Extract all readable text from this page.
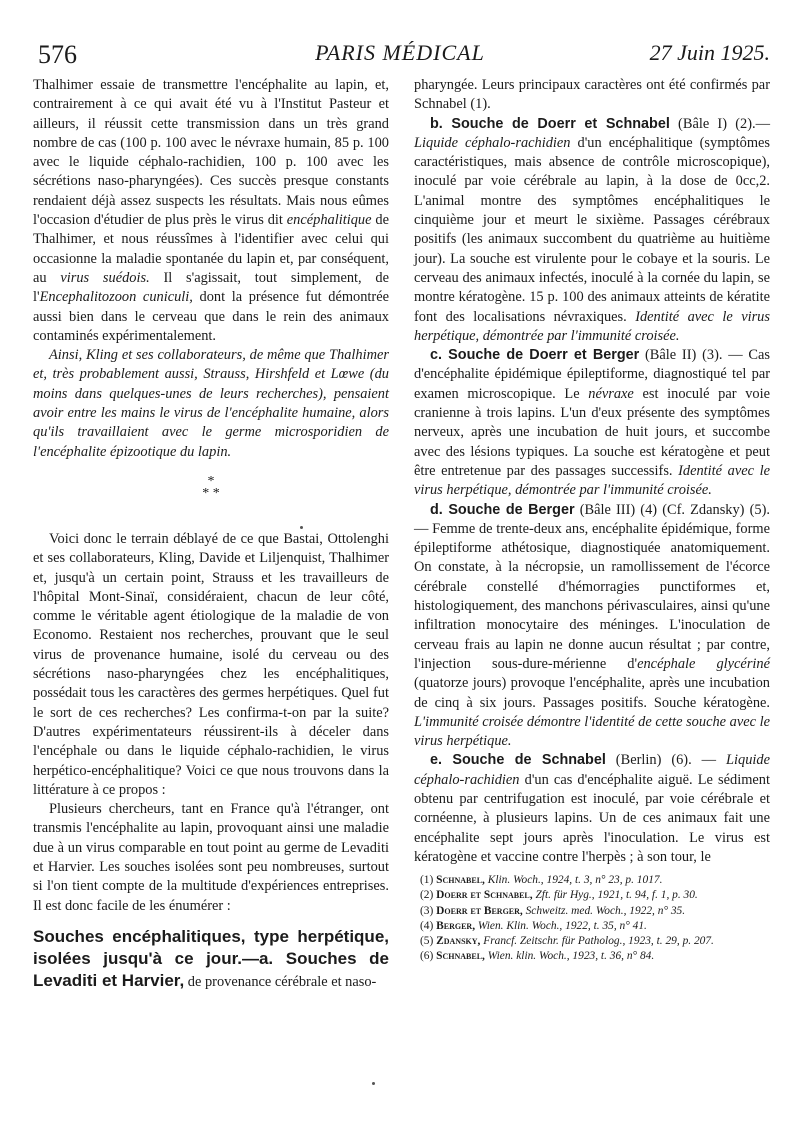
576	PARIS MÉDICAL	27 Juin 1925.

Thalhimer essaie de transmettre l'encéphalite au lapin, et, contrairement à ce qui avait été vu à l'Institut Pasteur et ailleurs, il réussit cette transmission dans un très grand nombre de cas (100 p. 100 avec le névraxe humain, 85 p. 100 avec le liquide céphalo-rachidien, 100 p. 100 avec les sécrétions naso-pharyngées). Ces succès presque constants rendaient déjà assez suspects les résultats. Mais nous eûmes l'occasion d'étudier de plus près le virus dit encéphalitique de Thalhimer, et nous réussîmes à l'identifier avec celui qui occasionne la maladie spontanée du lapin et, par conséquent, au virus suédois. Il s'agissait, tout simplement, de l'Encephalitozoon cuniculi, dont la présence fut démontrée aussi bien dans le cerveau que dans le rein des animaux contaminés expérimentalement.

Ainsi, Kling et ses collaborateurs, de même que Thalhimer et, très probablement aussi, Strauss, Hirshfeld et Lœwe (du moins dans quelques-unes de leurs recherches), pensaient avoir entre les mains le virus de l'encéphalite humaine, alors qu'ils travaillaient avec le germe microsporidien de l'encéphalite épizootique du lapin.

*
* *

Voici donc le terrain déblayé de ce que Bastai, Ottolenghi et ses collaborateurs, Kling, Davide et Liljenquist, Thalhimer et, jusqu'à un certain point, Strauss et les travailleurs de l'hôpital Mont-Sinaï, considéraient, chacun de leur côté, comme le véritable agent étiologique de la maladie de von Economo. Restaient nos recherches, prouvant que le seul virus de provenance humaine, isolé du cerveau ou des sécrétions naso-pharyngées chez les encéphalitiques, possédait tous les caractères des germes herpétiques. Quel fut le sort de ces recherches? Les confirma-t-on par la suite? D'autres expérimentateurs réussirent-ils à déceler dans l'encéphale ou dans le liquide céphalo-rachidien, le virus herpético-encéphalitique? Voici ce que nous trouvons dans la littérature à ce propos :

Plusieurs chercheurs, tant en France qu'à l'étranger, ont transmis l'encéphalite au lapin, provoquant ainsi une maladie due à un virus comparable en tout point au germe de Levaditi et Harvier. Les souches isolées sont peu nombreuses, surtout si l'on tient compte de la multitude d'expériences entreprises. Il est donc facile de les énumérer :

Souches encéphalitiques, type herpétique, isolées jusqu'à ce jour.—a. Souches de Levaditi et Harvier, de provenance cérébrale et naso-

pharyngée. Leurs principaux caractères ont été confirmés par Schnabel (1).

b. Souche de Doerr et Schnabel (Bâle I) (2).— Liquide céphalo-rachidien d'un encéphalitique (symptômes caractéristiques, mais absence de contrôle microscopique), inoculé par voie cérébrale au lapin, à la dose de 0cc,2. L'animal montre des symptômes encéphalitiques le cinquième jour et meurt le sixième. Passages cérébraux positifs (les animaux succombent du quatrième au huitième jour). La souche est virulente pour le cobaye et la souris. Le cerveau des animaux infectés, inoculé à la cornée du lapin, se montre kératogène. 15 p. 100 des animaux atteints de kératite font des localisations névraxiques. Identité avec le virus herpétique, démontrée par l'immunité croisée.

c. Souche de Doerr et Berger (Bâle II) (3). — Cas d'encéphalite épidémique épileptiforme, diagnostiqué tel par examen microscopique. Le névraxe est inoculé par voie cranienne à trois lapins. L'un d'eux présente des symptômes nerveux, après une incubation de huit jours, et succombe avec des lésions typiques. La souche est kératogène et peut être entretenue par des passages successifs. Identité avec le virus herpétique, démontrée par l'immunité croisée.

d. Souche de Berger (Bâle III) (4) (Cf. Zdansky) (5).— Femme de trente-deux ans, encéphalite épidémique, forme épileptiforme athétosique, diagnostiquée anatomiquement. On constate, à la nécropsie, un ramollissement de l'écorce cérébrale constellé d'hémorragies punctiformes et, histologiquement, des manchons périvasculaires, ainsi qu'une infiltration monocytaire des méninges. L'inoculation de cerveau frais au lapin ne donne aucun résultat ; par contre, l'injection sous-dure-mérienne d'encéphale glycériné (quatorze jours) provoque l'encéphalite, après une incubation de cinq à six jours. Passages positifs. Souche kératogène. L'immunité croisée démontre l'identité de cette souche avec le virus herpétique.

e. Souche de Schnabel (Berlin) (6). — Liquide céphalo-rachidien d'un cas d'encéphalite aiguë. Le sédiment obtenu par centrifugation est inoculé, par voie cérébrale et cornéenne, à plusieurs lapins. Un de ces animaux fait une encéphalite sept jours après l'inoculation. Le virus est kératogène et vaccine contre l'herpès ; à son tour, le

(1) Schnabel, Klin. Woch., 1924, t. 3, n° 23, p. 1017.
(2) Doerr et Schnabel, Zft. für Hyg., 1921, t. 94, f. 1, p. 30.
(3) Doerr et Berger, Schweitz. med. Woch., 1922, n° 35.
(4) Berger, Wien. Klin. Woch., 1922, t. 35, n° 41.
(5) Zdansky, Francf. Zeitschr. für Patholog., 1923, t. 29, p. 207.
(6) Schnabel, Wien. klin. Woch., 1923, t. 36, n° 84.
